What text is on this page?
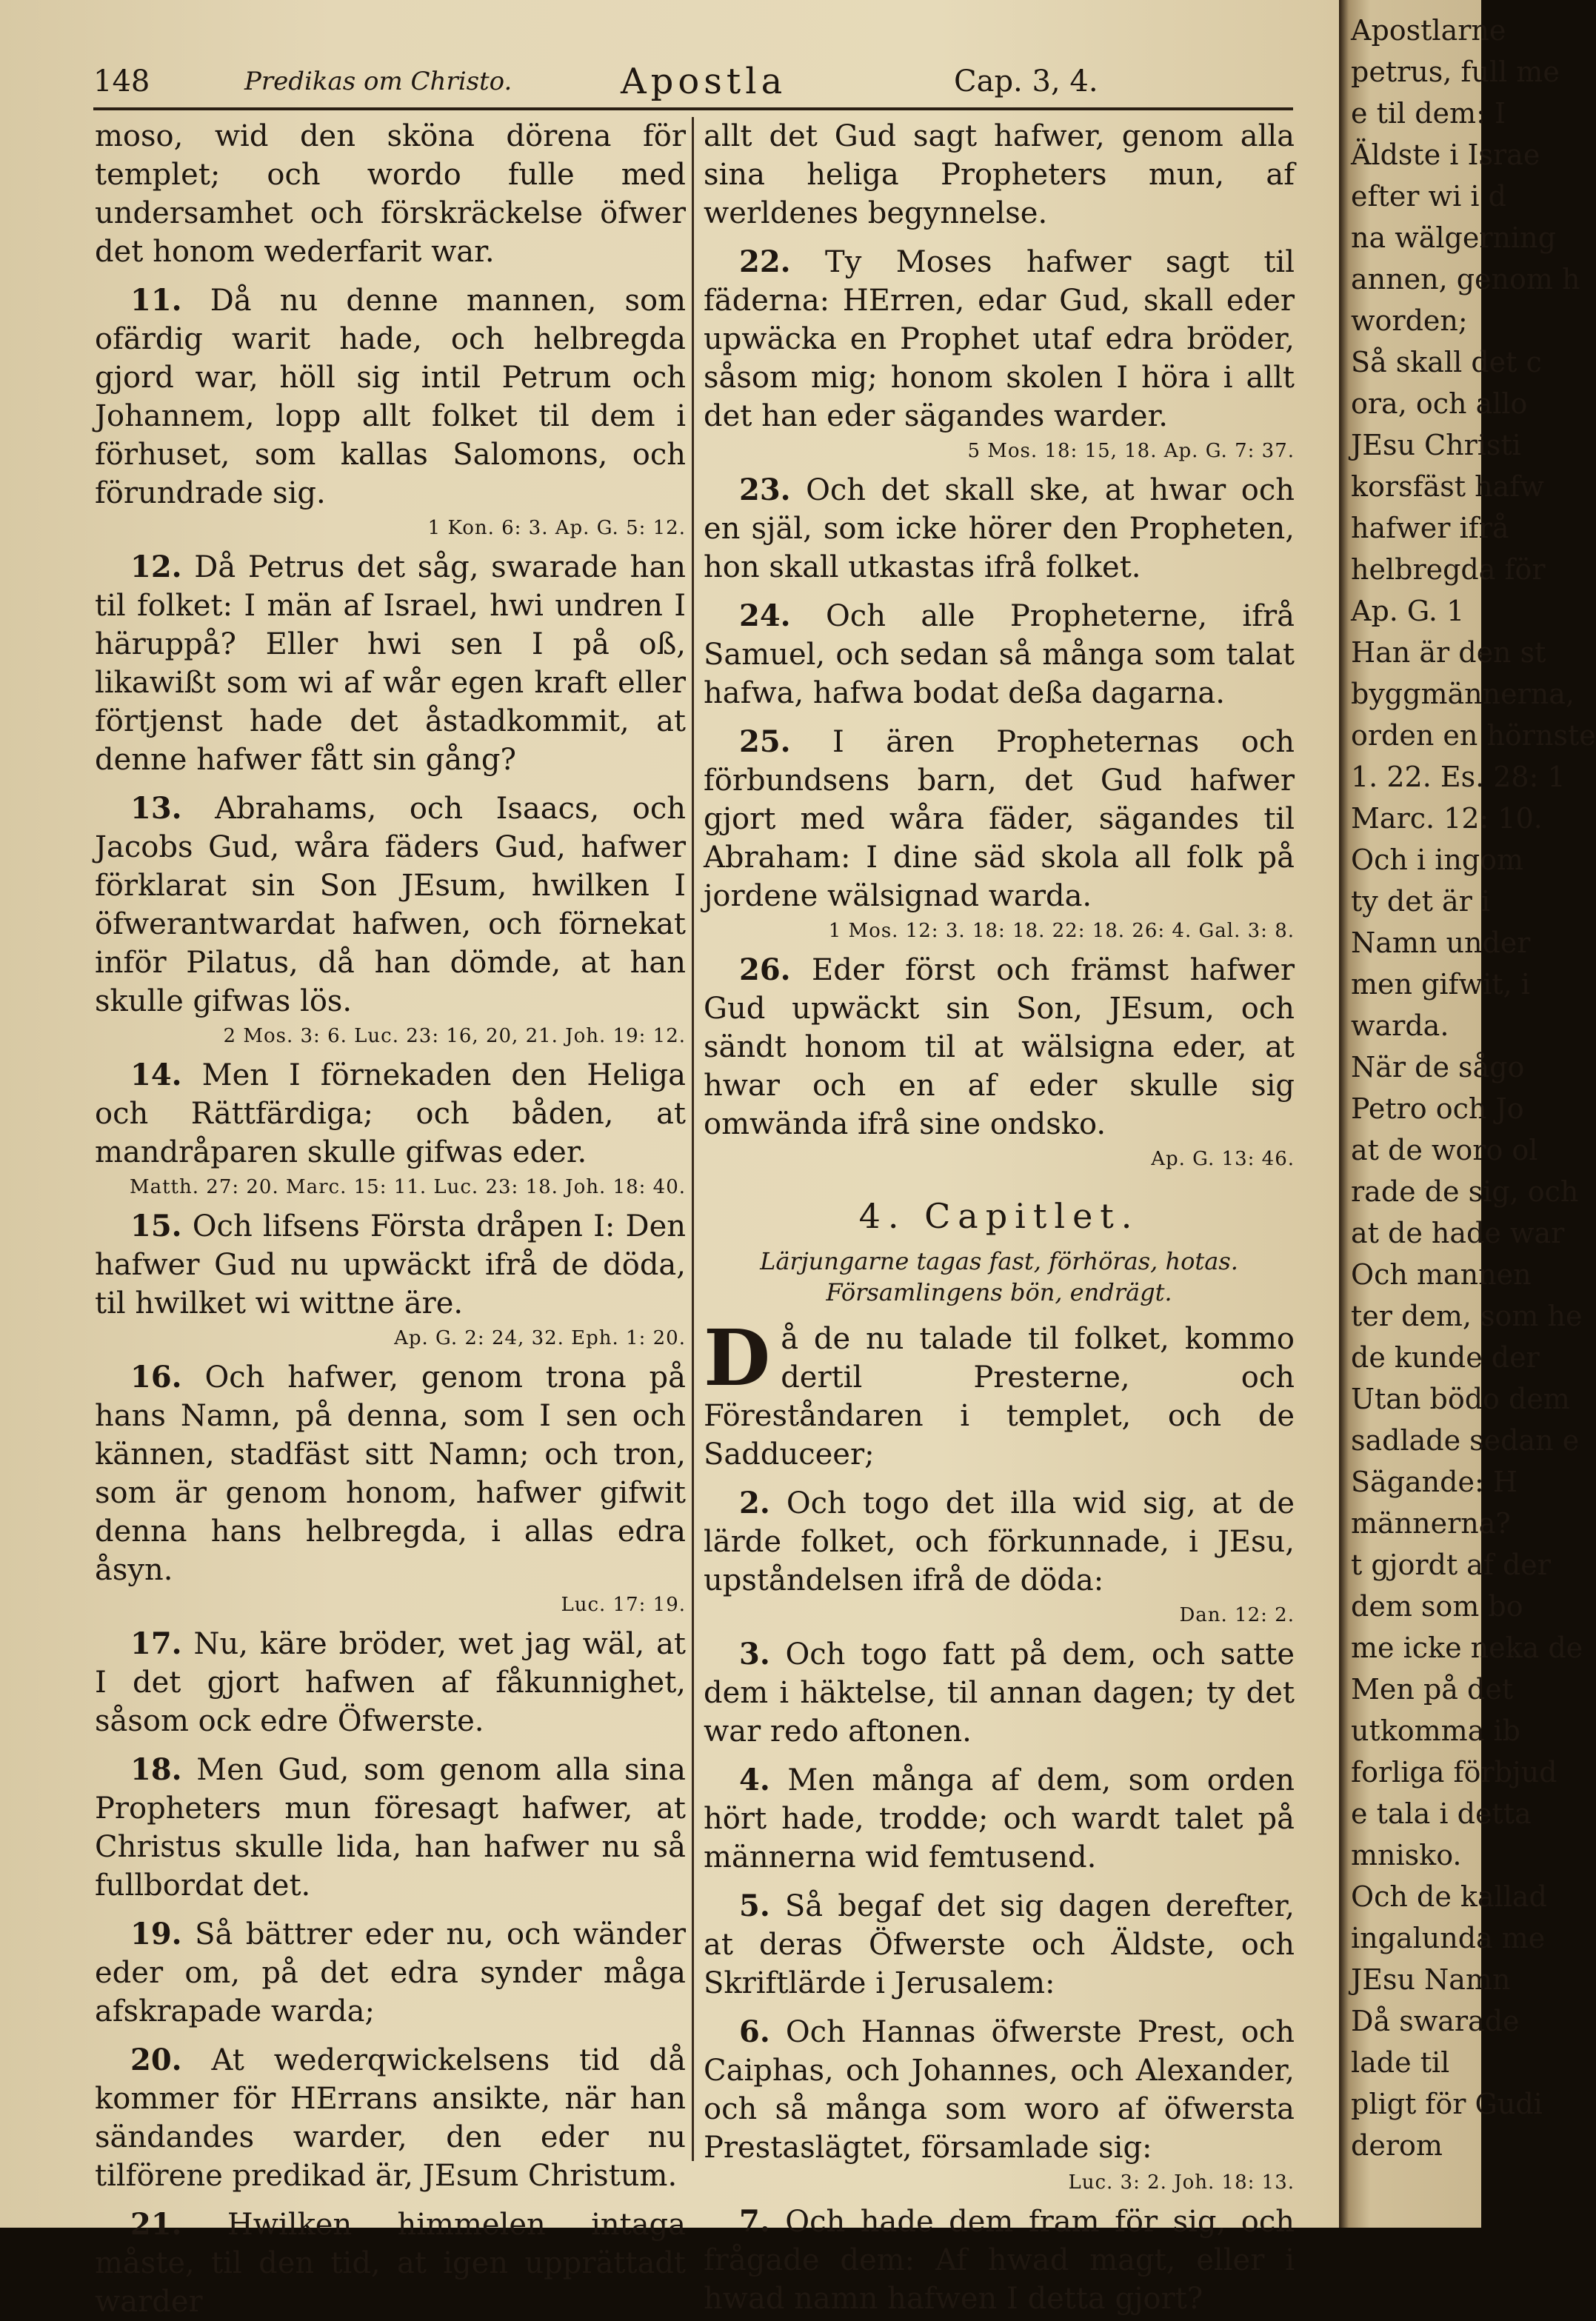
148	Predikas om Christo.	Apostla	Cap. 3, 4.

moso, wid den sköna dörena för templet; och wordo fulle med undersamhet och förskräckelse öfwer det honom wederfarit war.

11. Då nu denne mannen, som ofärdig warit hade, och helbregda gjord war, höll sig intil Petrum och Johannem, lopp allt folket til dem i förhuset, som kallas Salomons, och förundrade sig.

1 Kon. 6: 3. Ap. G. 5: 12.

12. Då Petrus det såg, swarade han til folket: I män af Israel, hwi undren I häruppå? Eller hwi sen I på oß, likawißt som wi af wår egen kraft eller förtjenst hade det åstadkommit, at denne hafwer fått sin gång?

13. Abrahams, och Isaacs, och Jacobs Gud, wåra fäders Gud, hafwer förklarat sin Son JEsum, hwilken I öfwerantwardat hafwen, och förnekat inför Pilatus, då han dömde, at han skulle gifwas lös.

2 Mos. 3: 6. Luc. 23: 16, 20, 21. Joh. 19: 12.

14. Men I förnekaden den Heliga och Rättfärdiga; och båden, at mandråparen skulle gifwas eder.

Matth. 27: 20. Marc. 15: 11. Luc. 23: 18. Joh. 18: 40.

15. Och lifsens Första dråpen I: Den hafwer Gud nu upwäckt ifrå de döda, til hwilket wi wittne äre.

Ap. G. 2: 24, 32. Eph. 1: 20.

16. Och hafwer, genom trona på hans Namn, på denna, som I sen och kännen, stadfäst sitt Namn; och tron, som är genom honom, hafwer gifwit denna hans helbregda, i allas edra åsyn.

Luc. 17: 19.

17. Nu, käre bröder, wet jag wäl, at I det gjort hafwen af fåkunnighet, såsom ock edre Öfwerste.

18. Men Gud, som genom alla sina Propheters mun föresagt hafwer, at Christus skulle lida, han hafwer nu så fullbordat det.

19. Så bättrer eder nu, och wänder eder om, på det edra synder måga afskrapade warda;

20. At wederqwickelsens tid då kommer för HErrans ansikte, när han sändandes warder, den eder nu tilförene predikad är, JEsum Christum.

21. Hwilken himmelen intaga måste, til den tid, at igen upprättadt warder

allt det Gud sagt hafwer, genom alla sina heliga Propheters mun, af werldenes begynnelse.

22. Ty Moses hafwer sagt til fäderna: HErren, edar Gud, skall eder upwäcka en Prophet utaf edra bröder, såsom mig; honom skolen I höra i allt det han eder sägandes warder.

5 Mos. 18: 15, 18. Ap. G. 7: 37.

23. Och det skall ske, at hwar och en själ, som icke hörer den Propheten, hon skall utkastas ifrå folket.

24. Och alle Propheterne, ifrå Samuel, och sedan så många som talat hafwa, hafwa bodat deßa dagarna.

25. I ären Propheternas och förbundsens barn, det Gud hafwer gjort med wåra fäder, sägandes til Abraham: I dine säd skola all folk på jordene wälsignad warda.

1 Mos. 12: 3. 18: 18. 22: 18. 26: 4. Gal. 3: 8.

26. Eder först och främst hafwer Gud upwäckt sin Son, JEsum, och sändt honom til at wälsigna eder, at hwar och en af eder skulle sig omwända ifrå sine ondsko.

Ap. G. 13: 46.
4. Capitlet.
Lärjungarne tagas fast, förhöras, hotas. Församlingens bön, endrägt.

Då de nu talade til folket, kommo dertil Presterne, och Föreståndaren i templet, och de Sadduceer;

2. Och togo det illa wid sig, at de lärde folket, och förkunnade, i JEsu, upståndelsen ifrå de döda:

Dan. 12: 2.

3. Och togo fatt på dem, och satte dem i häktelse, til annan dagen; ty det war redo aftonen.

4. Men många af dem, som orden hört hade, trodde; och wardt talet på männerna wid femtusend.

5. Så begaf det sig dagen derefter, at deras Öfwerste och Äldste, och Skriftlärde i Jerusalem:

6. Och Hannas öfwerste Prest, och Caiphas, och Johannes, och Alexander, och så många som woro af öfwersta Prestaslägtet, församlade sig:

Luc. 3: 2. Joh. 18: 13.

7. Och hade dem fram för sig, och frågade dem: Af hwad magt, eller i hwad namn hafwen I detta gjort?

Apostlarne
petrus, full me
e til dem: I
Äldste i Israe
efter wi i d
na wälgerning
annen, genom h
worden;
Så skall det c
ora, och allo
JEsu Christi
korsfäst hafw
hafwer ifrå
helbregda för
Ap. G. 1
Han är den st
byggmännerna,
orden en hörnste
1. 22. Es. 28: 1
Marc. 12: 10.
Och i ingom
ty det är i
Namn under
men gifwit, i
warda.
När de sågo
Petro och Jo
at de woro ol
rade de sig, och
at de hade war
Och mannen
ter dem, som he
de kunde der
Utan bödo dem
sadlade sedan e
Sägande: H
männerna?
t gjordt af der
dem som bo
me icke neka de
Men på det
utkomma ib
forliga förbjud
e tala i detta
mnisko.
Och de kallad
ingalunda me
JEsu Namn
Då swarade
lade til
pligt för Gudi
derom
